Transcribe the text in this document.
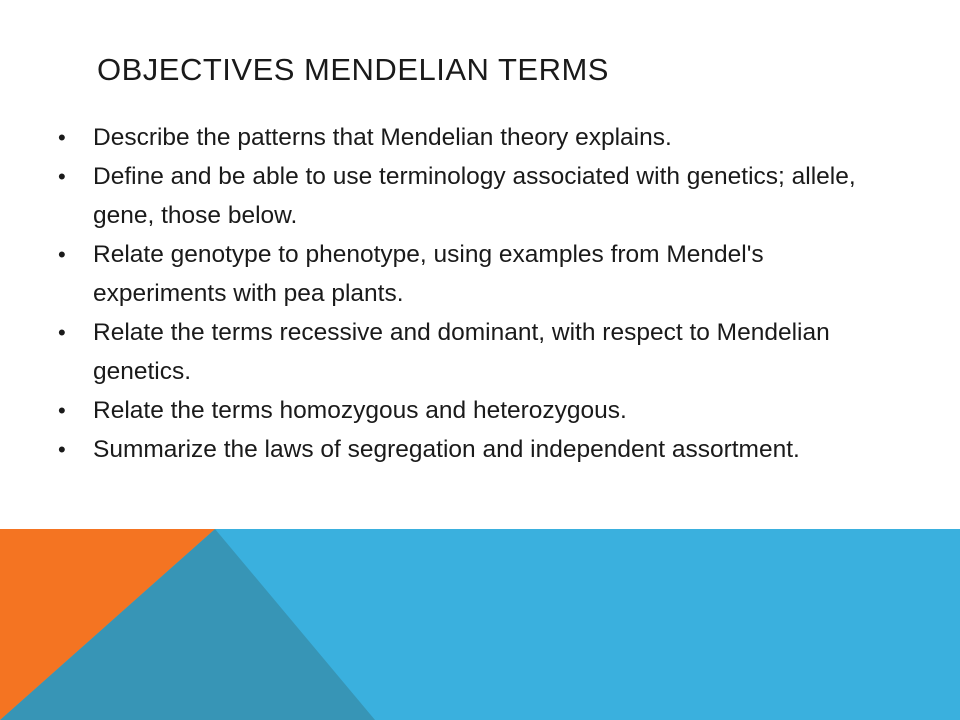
OBJECTIVES MENDELIAN TERMS
• Describe the patterns that Mendelian theory explains.
• Define and be able to use terminology associated with genetics; allele, gene, those below.
• Relate genotype to phenotype, using examples from Mendel's experiments with pea plants.
• Relate the terms recessive and dominant, with respect to Mendelian genetics.
• Relate the terms homozygous and heterozygous.
• Summarize the laws of segregation and independent assortment.
